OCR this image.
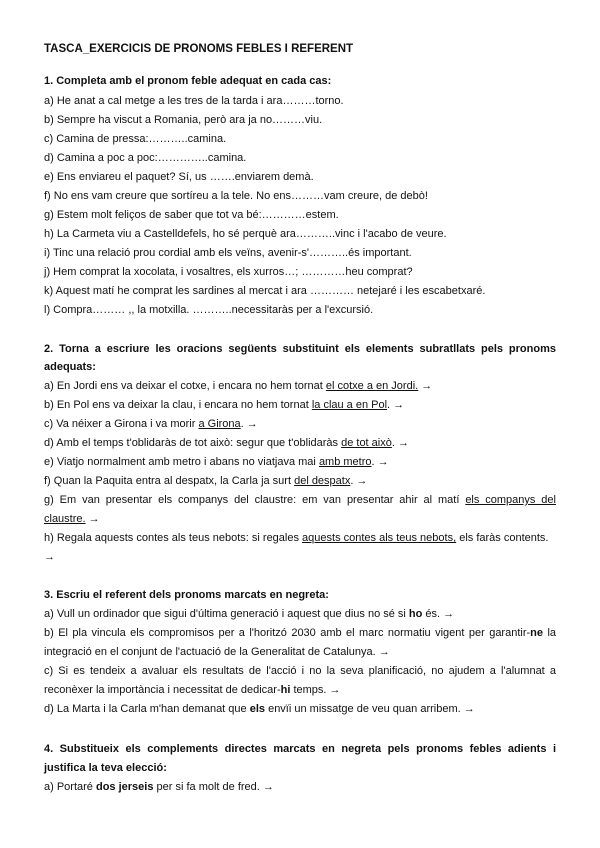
TASCA_EXERCICIS DE PRONOMS FEBLES I REFERENT
1. Completa amb el pronom feble adequat en cada cas:
a) He anat a cal metge a les tres de la tarda i ara………torno.
b) Sempre ha viscut a Romania, però ara ja no………viu.
c) Camina de pressa:………..camina.
d) Camina a poc a poc:…………..camina.
e) Ens enviareu el paquet? Sí, us …….enviarem demà.
f) No ens vam creure que sortíreu a la tele. No ens………vam creure, de debò!
g) Estem molt feliços de saber que tot va bé:…………estem.
h) La Carmeta viu a Castelldefels, ho sé perquè ara………..vinc i l'acabo de veure.
i) Tinc una relació prou cordial amb els veïns, avenir-s'………..és important.
j) Hem comprat la xocolata, i vosaltres, els xurros…; …………heu comprat?
k) Aquest matí he comprat les sardines al mercat i ara ………… netejaré i les escabetxaré.
l) Compra……… ,, la motxilla. ………..necessitaràs per a l'excursió.
2. Torna a escriure les oracions següents substituint els elements subratllats pels pronoms
adequats:
a) En Jordi ens va deixar el cotxe, i encara no hem tornat el cotxe a en Jordi. →
b) En Pol ens va deixar la clau, i encara no hem tornat la clau a en Pol. →
c) Va néixer a Girona i va morir a Girona. →
d) Amb el temps t'oblidaràs de tot això: segur que t'oblidaràs de tot això. →
e) Viatjo normalment amb metro i abans no viatjava mai amb metro. →
f) Quan la Paquita entra al despatx, la Carla ja surt del despatx. →
g) Em van presentar els companys del claustre: em van presentar ahir al matí els companys del
claustre. →
h) Regala aquests contes als teus nebots: si regales aquests contes als teus nebots, els faràs contents.
→
3. Escriu el referent dels pronoms marcats en negreta:
a) Vull un ordinador que sigui d'última generació i aquest que dius no sé si ho és. →
b) El pla vincula els compromisos per a l'horitzó 2030 amb el marc normatiu vigent per garantir-ne la
integració en el conjunt de l'actuació de la Generalitat de Catalunya. →
c) Si es tendeix a avaluar els resultats de l'acció i no la seva planificació, no ajudem a l'alumnat a
reconèxer la importància i necessitat de dedicar-hi temps. →
d) La Marta i la Carla m'han demanat que els envïi un missatge de veu quan arribem. →
4. Substitueix els complements directes marcats en negreta pels pronoms febles adients i
justifica la teva elecció:
a) Portaré dos jerseis per si fa molt de fred. →
